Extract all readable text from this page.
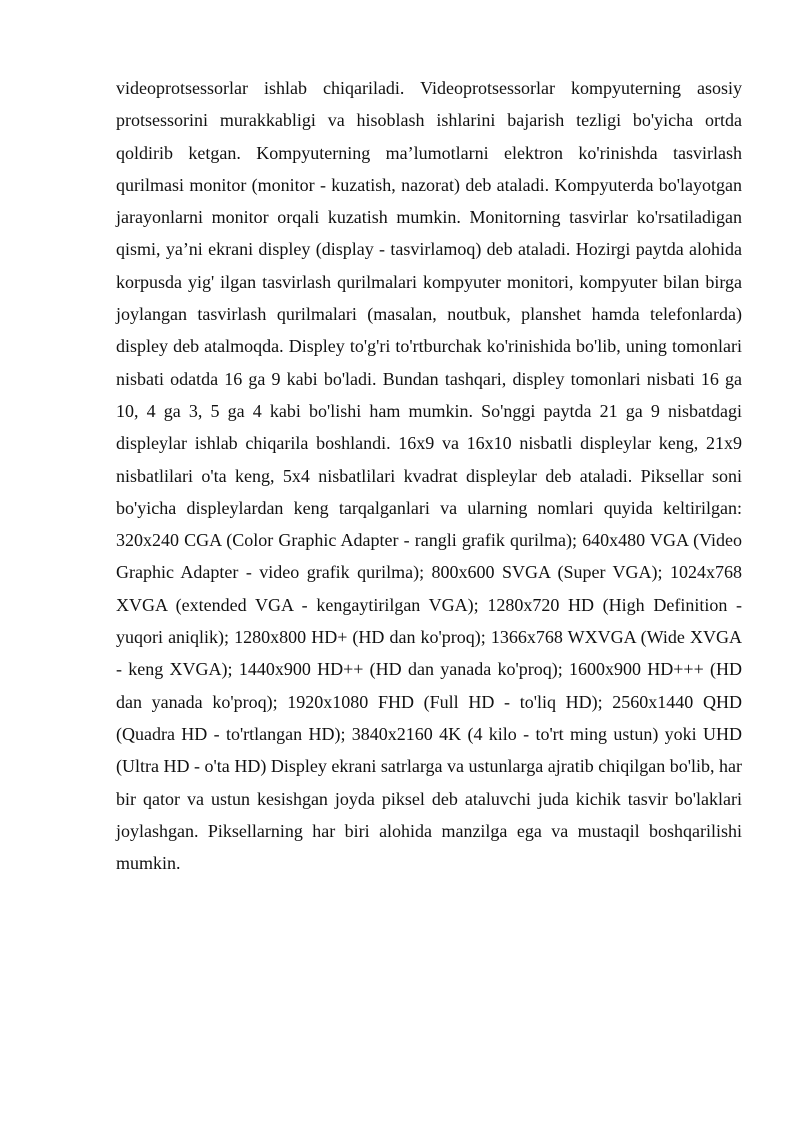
videoprotsessorlar ishlab chiqariladi. Videoprotsessorlar kompyuterning asosiy protsessorini murakkabligi va hisoblash ishlarini bajarish tezligi bo'yicha ortda qoldirib ketgan. Kompyuterning ma’lumotlarni elektron ko'rinishda tasvirlash qurilmasi monitor (monitor - kuzatish, nazorat) deb ataladi. Kompyuterda bo'layotgan jarayonlarni monitor orqali kuzatish mumkin. Monitorning tasvirlar ko'rsatiladigan qismi, ya’ni ekrani displey (display - tasvirlamoq) deb ataladi. Hozirgi paytda alohida korpusda yig' ilgan tasvirlash qurilmalari kompyuter monitori, kompyuter bilan birga joylangan tasvirlash qurilmalari (masalan, noutbuk, planshet hamda telefonlarda) displey deb atalmoqda. Displey to'g'ri to'rtburchak ko'rinishida bo'lib, uning tomonlari nisbati odatda 16 ga 9 kabi bo'ladi. Bundan tashqari, displey tomonlari nisbati 16 ga 10, 4 ga 3, 5 ga 4 kabi bo'lishi ham mumkin. So'nggi paytda 21 ga 9 nisbatdagi displeylar ishlab chiqarila boshlandi. 16x9 va 16x10 nisbatli displeylar keng, 21x9 nisbatlilari o'ta keng, 5x4 nisbatlilari kvadrat displeylar deb ataladi. Piksellar soni bo'yicha displeylardan keng tarqalganlari va ularning nomlari quyida keltirilgan: 320x240 CGA (Color Graphic Adapter - rangli grafik qurilma); 640x480 VGA (Video Graphic Adapter - video grafik qurilma); 800x600 SVGA (Super VGA); 1024x768 XVGA (extended VGA - kengaytirilgan VGA); 1280x720 HD (High Definition - yuqori aniqlik); 1280x800 HD+ (HD dan ko'proq); 1366x768 WXVGA (Wide XVGA - keng XVGA); 1440x900 HD++ (HD dan yanada ko'proq); 1600x900 HD+++ (HD dan yanada ko'proq); 1920x1080 FHD (Full HD - to'liq HD); 2560x1440 QHD (Quadra HD - to'rtlangan HD); 3840x2160 4K (4 kilo - to'rt ming ustun) yoki UHD (Ultra HD - o'ta HD) Displey ekrani satrlarga va ustunlarga ajratib chiqilgan bo'lib, har bir qator va ustun kesishgan joyda piksel deb ataluvchi juda kichik tasvir bo'laklari joylashgan. Piksellarning har biri alohida manzilga ega va mustaqil boshqarilishi mumkin.
